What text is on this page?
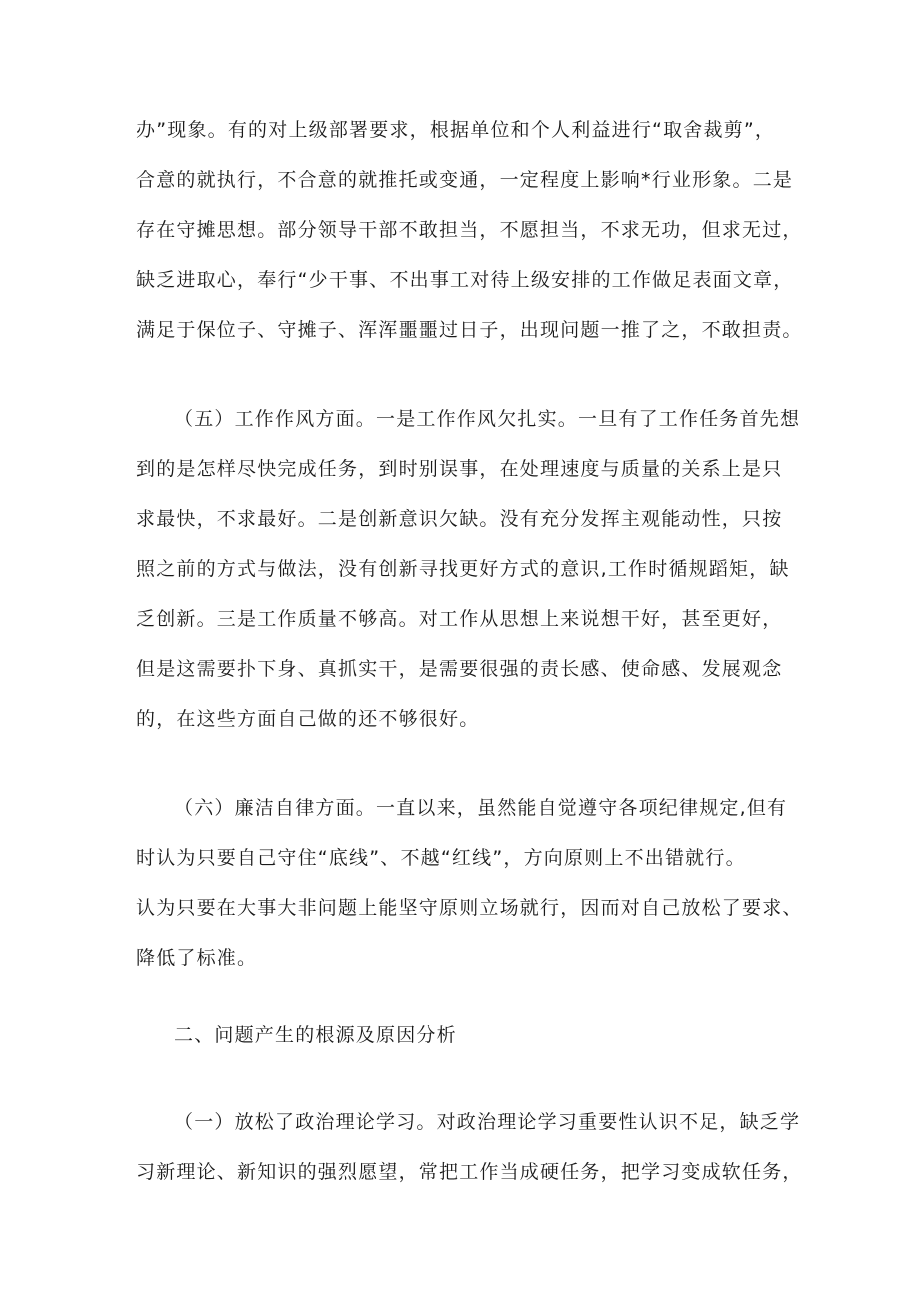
办”现象。有的对上级部署要求，根据单位和个人利益进行“取舍裁剪”，
合意的就执行，不合意的就推托或变通，一定程度上影响*行业形象。二是
存在守摊思想。部分领导干部不敢担当，不愿担当，不求无功，但求无过，
缺乏进取心，奉行“少干事、不出事工对待上级安排的工作做足表面文章，
满足于保位子、守摊子、浑浑噩噩过日子，出现问题一推了之，不敢担责。
（五）工作作风方面。一是工作作风欠扎实。一旦有了工作任务首先想
到的是怎样尽快完成任务，到时别误事，在处理速度与质量的关系上是只
求最快，不求最好。二是创新意识欠缺。没有充分发挥主观能动性，只按
照之前的方式与做法，没有创新寻找更好方式的意识,工作时循规蹈矩，缺
乏创新。三是工作质量不够高。对工作从思想上来说想干好，甚至更好，
但是这需要扑下身、真抓实干，是需要很强的责长感、使命感、发展观念
的，在这些方面自己做的还不够很好。
（六）廉洁自律方面。一直以来，虽然能自觉遵守各项纪律规定,但有
时认为只要自己守住“底线”、不越“红线”，方向原则上不出错就行。
认为只要在大事大非问题上能坚守原则立场就行，因而对自己放松了要求、
降低了标准。
二、问题产生的根源及原因分析
（一）放松了政治理论学习。对政治理论学习重要性认识不足，缺乏学
习新理论、新知识的强烈愿望，常把工作当成硬任务，把学习变成软任务，
